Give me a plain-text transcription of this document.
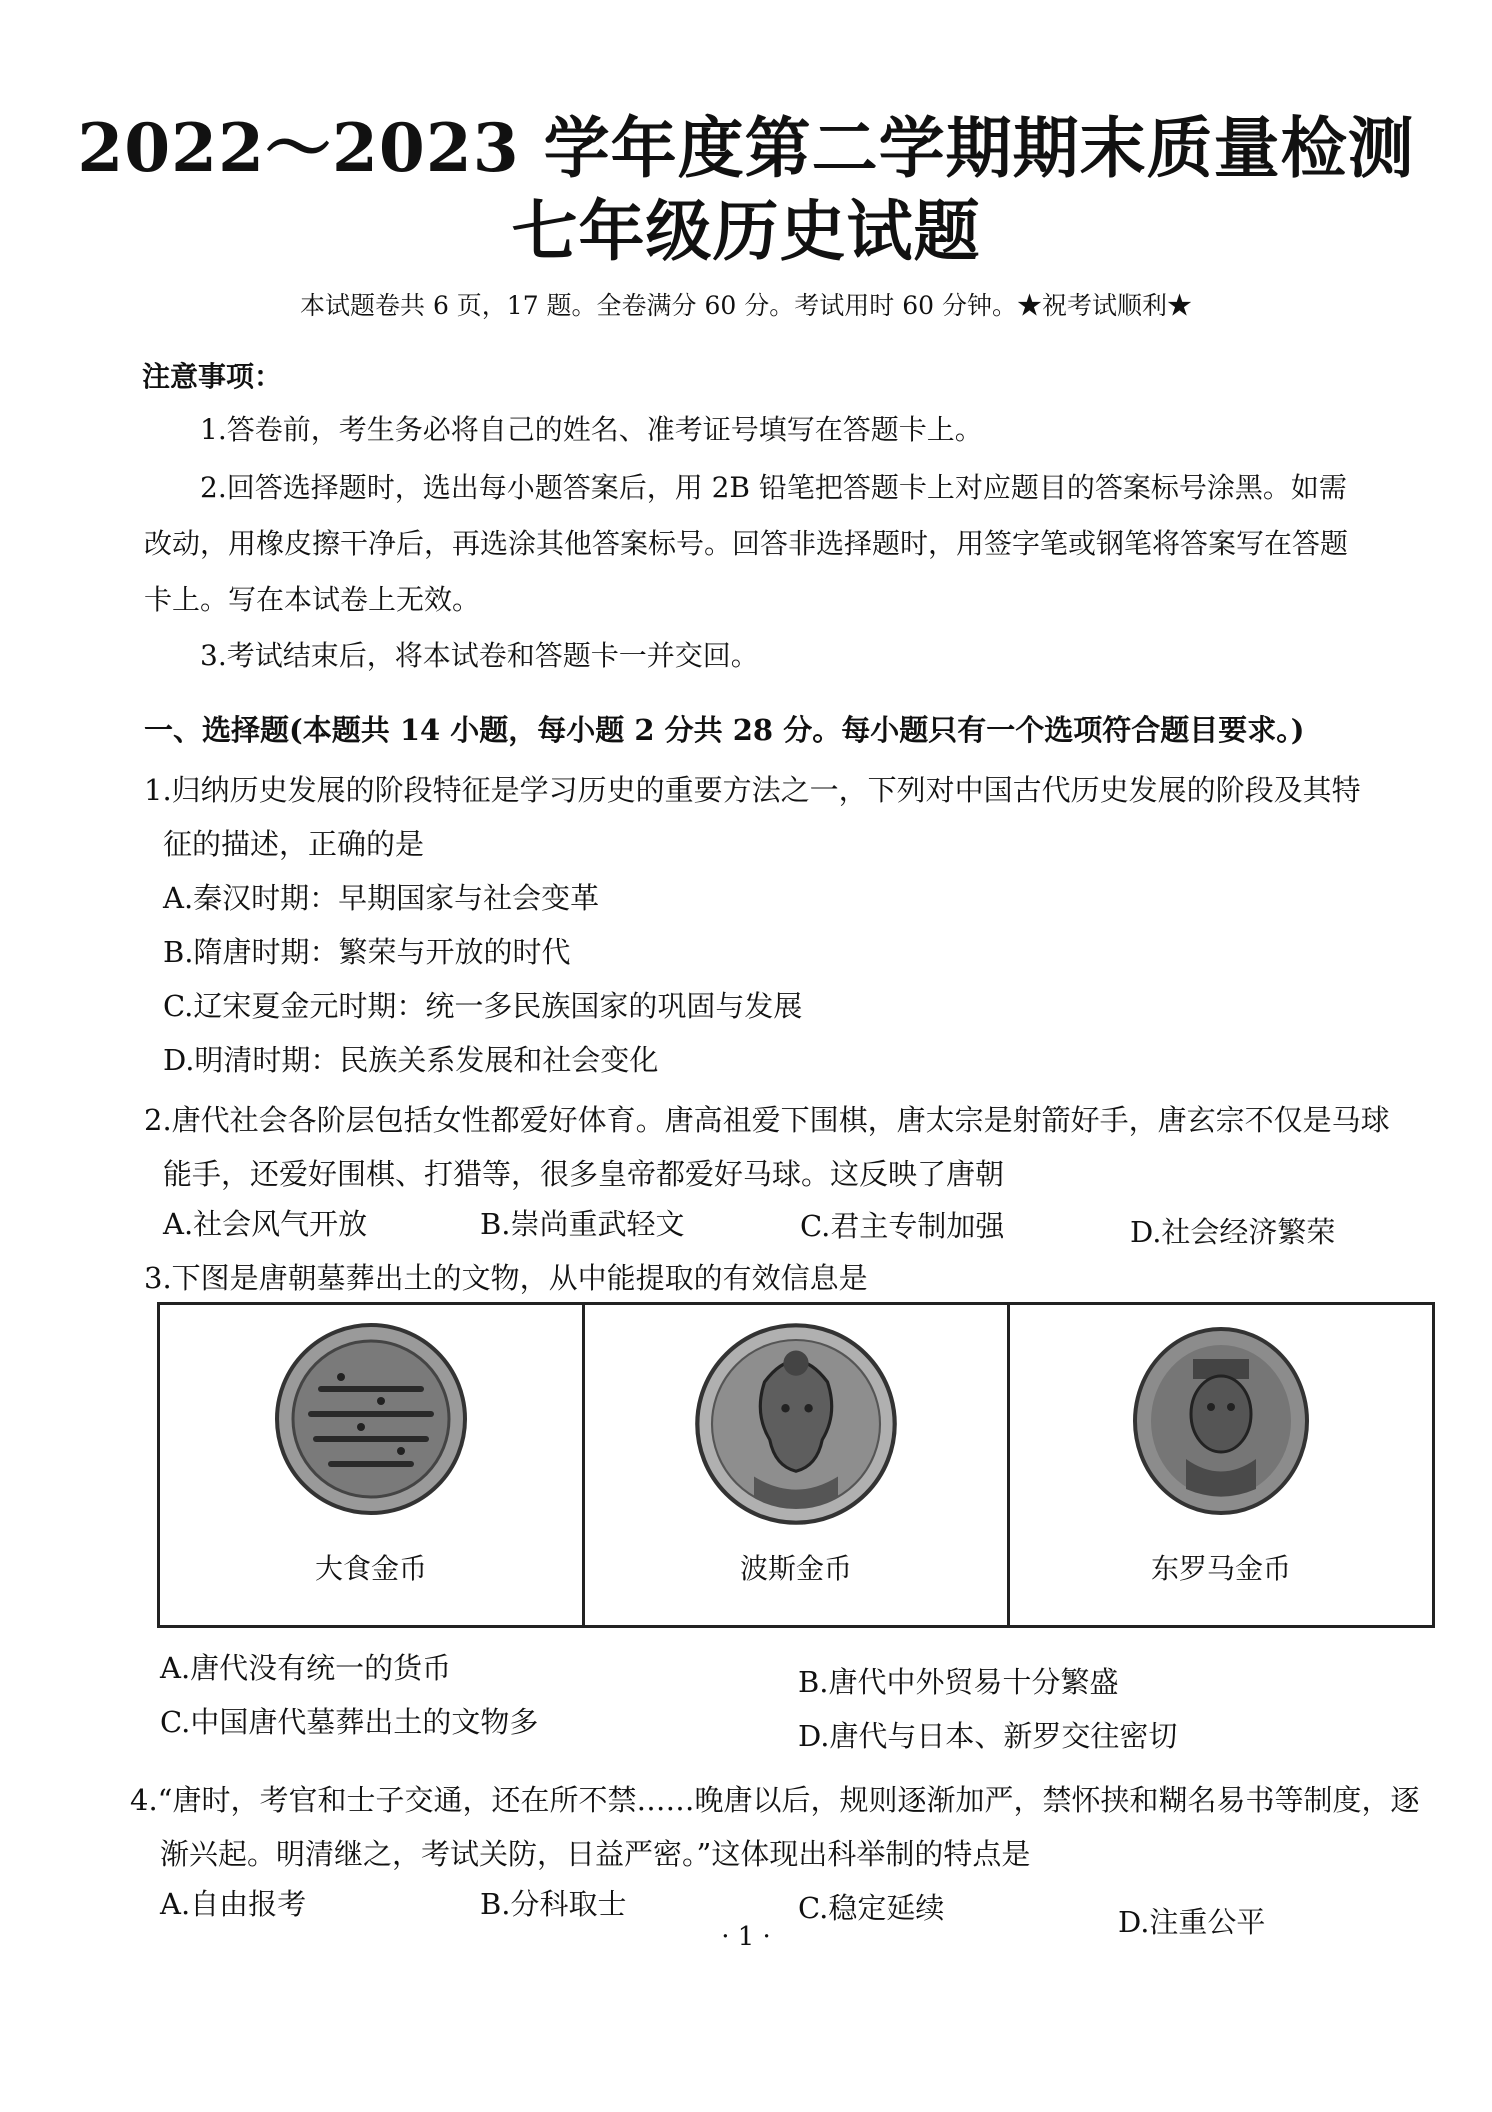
2022～2023 学年度第二学期期末质量检测
七年级历史试题
本试题卷共 6 页，17 题。全卷满分 60 分。考试用时 60 分钟。★祝考试顺利★
注意事项：
1.答卷前，考生务必将自己的姓名、准考证号填写在答题卡上。
2.回答选择题时，选出每小题答案后，用 2B 铅笔把答题卡上对应题目的答案标号涂黑。如需
改动，用橡皮擦干净后，再选涂其他答案标号。回答非选择题时，用签字笔或钢笔将答案写在答题
卡上。写在本试卷上无效。
3.考试结束后，将本试卷和答题卡一并交回。
一、选择题(本题共 14 小题，每小题 2 分共 28 分。每小题只有一个选项符合题目要求。)
1.归纳历史发展的阶段特征是学习历史的重要方法之一，下列对中国古代历史发展的阶段及其特
征的描述，正确的是
A.秦汉时期：早期国家与社会变革
B.隋唐时期：繁荣与开放的时代
C.辽宋夏金元时期：统一多民族国家的巩固与发展
D.明清时期：民族关系发展和社会变化
2.唐代社会各阶层包括女性都爱好体育。唐高祖爱下围棋，唐太宗是射箭好手，唐玄宗不仅是马球
能手，还爱好围棋、打猎等，很多皇帝都爱好马球。这反映了唐朝
A.社会风气开放	B.崇尚重武轻文	C.君主专制加强	D.社会经济繁荣
3.下图是唐朝墓葬出土的文物，从中能提取的有效信息是
大食金币	波斯金币	东罗马金币
A.唐代没有统一的货币	B.唐代中外贸易十分繁盛
C.中国唐代墓葬出土的文物多	D.唐代与日本、新罗交往密切
4.“唐时，考官和士子交通，还在所不禁……晚唐以后，规则逐渐加严，禁怀挟和糊名易书等制度，逐
渐兴起。明清继之，考试关防，日益严密。”这体现出科举制的特点是
A.自由报考	B.分科取士	C.稳定延续	D.注重公平
· 1 ·
